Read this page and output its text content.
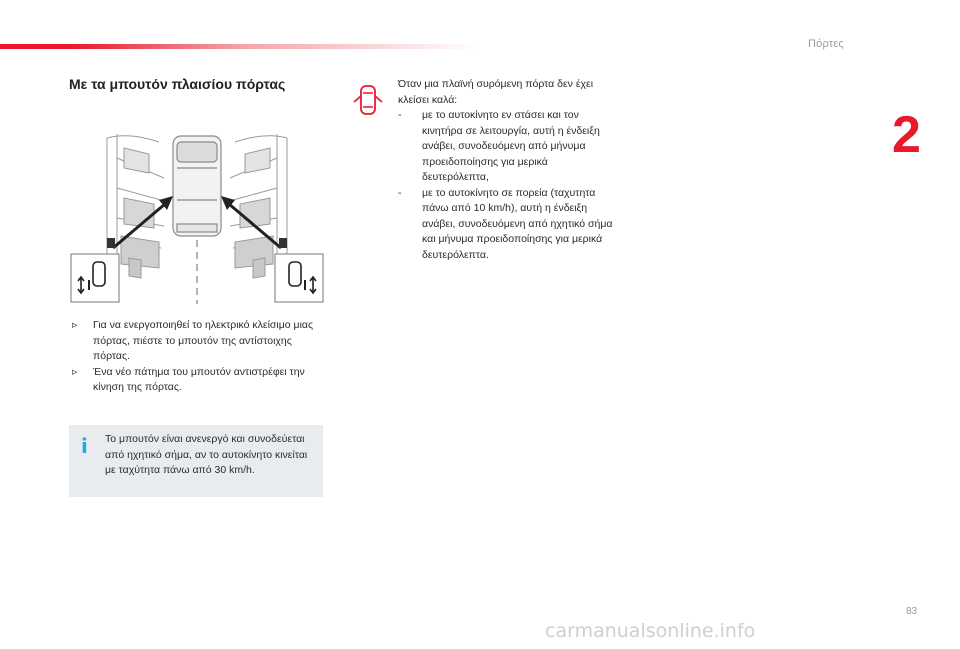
Πόρτες
2
Με τα μπουτόν πλαισίου πόρτας
▹	Για να ενεργοποιηθεί το ηλεκτρικό κλείσιμο μιας πόρτας, πιέστε το μπουτόν της αντίστοιχης πόρτας.
▹	Ένα νέο πάτημα του μπουτόν αντιστρέφει την κίνηση της πόρτας.
i Το μπουτόν είναι ανενεργό και συνοδεύεται από ηχητικό σήμα, αν το αυτοκίνητο κινείται με ταχύτητα πάνω από 30 km/h.
Όταν μια πλαϊνή συρόμενη πόρτα δεν έχει κλείσει καλά:
-	με το αυτοκίνητο εν στάσει και τον κινητήρα σε λειτουργία, αυτή η ένδειξη ανάβει, συνοδευόμενη από μήνυμα προειδοποίησης για μερικά δευτερόλεπτα,
-	με το αυτοκίνητο σε πορεία (ταχυτητα πάνω από 10 km/h), αυτή η ένδειξη ανάβει, συνοδευόμενη από ηχητικό σήμα και μήνυμα προειδοποίησης για μερικά δευτερόλεπτα.
83
carmanualsonline.info
